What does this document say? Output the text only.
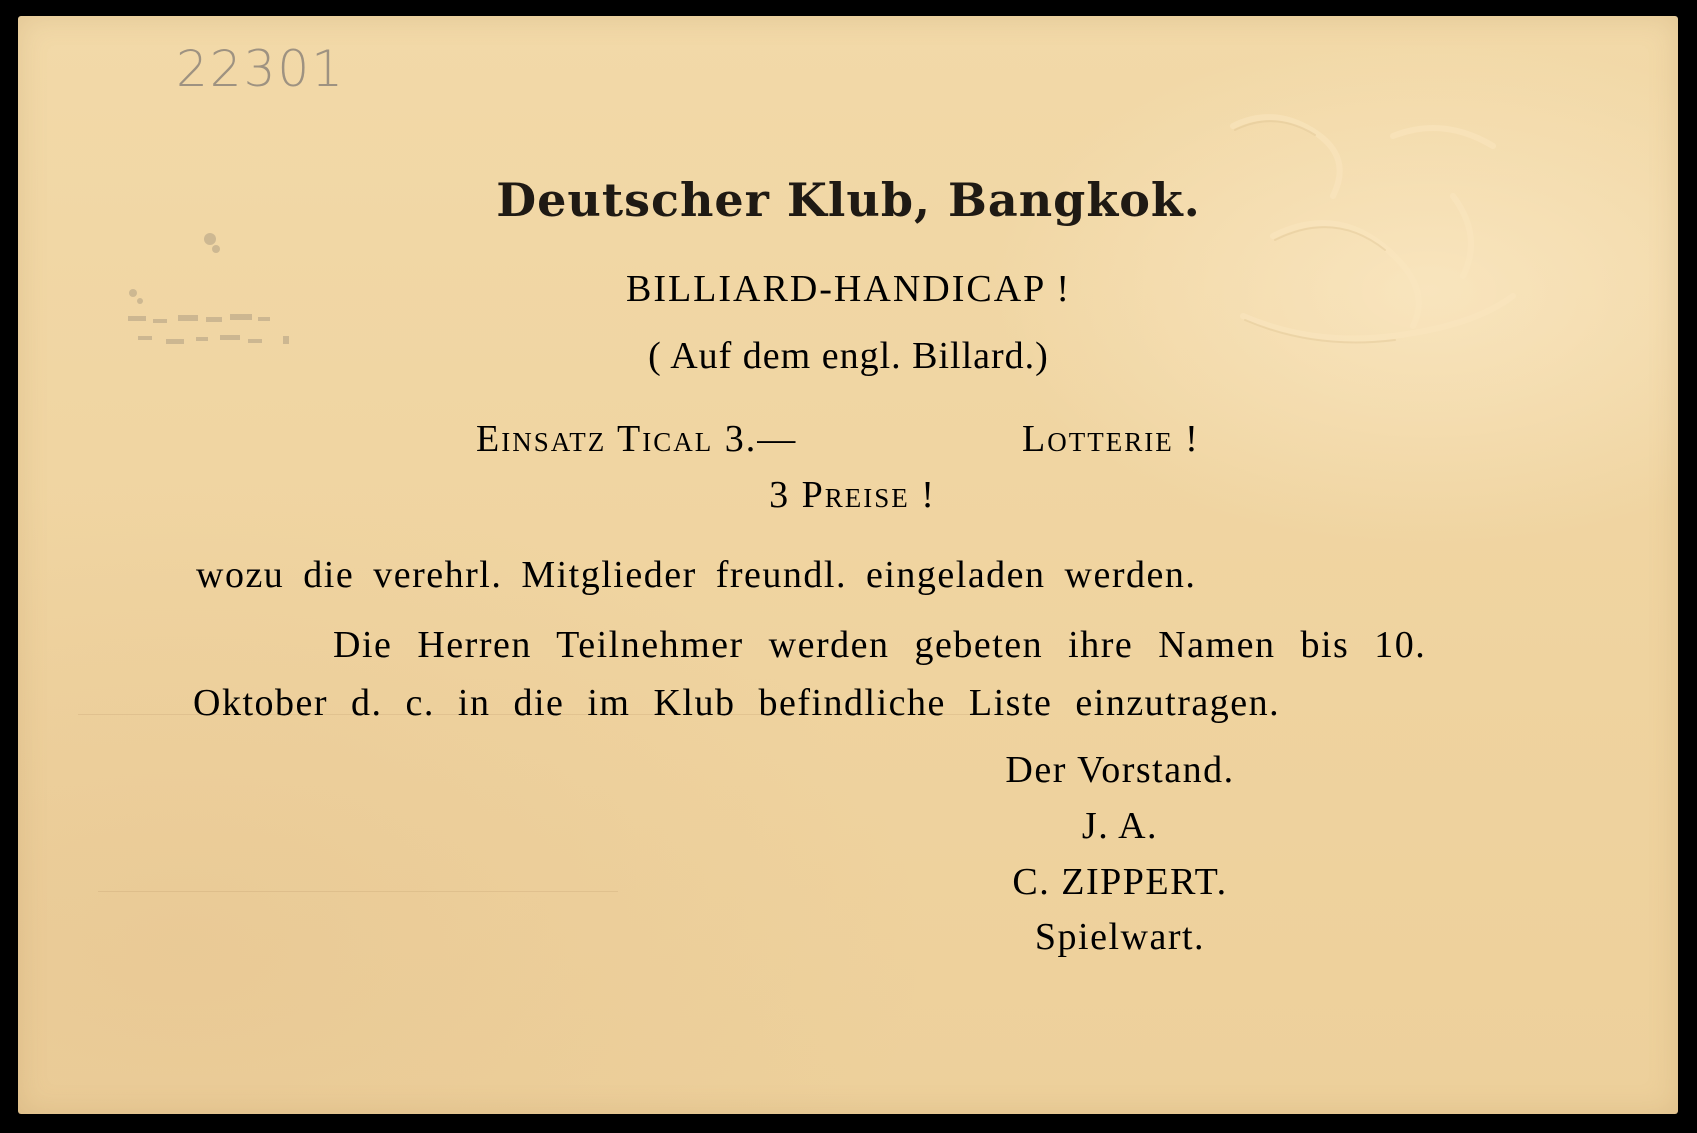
22301
Deutscher Klub, Bangkok.
BILLIARD-HANDICAP !
( Auf dem engl. Billard.)
Einsatz Tical 3.—	Lotterie !
3 Preise !
wozu die verehrl. Mitglieder freundl. eingeladen werden.
Die Herren Teilnehmer werden gebeten ihre Namen bis 10.
Oktober d. c. in die im Klub befindliche Liste einzutragen.
Der Vorstand.
J. A.
C. ZIPPERT.
Spielwart.
